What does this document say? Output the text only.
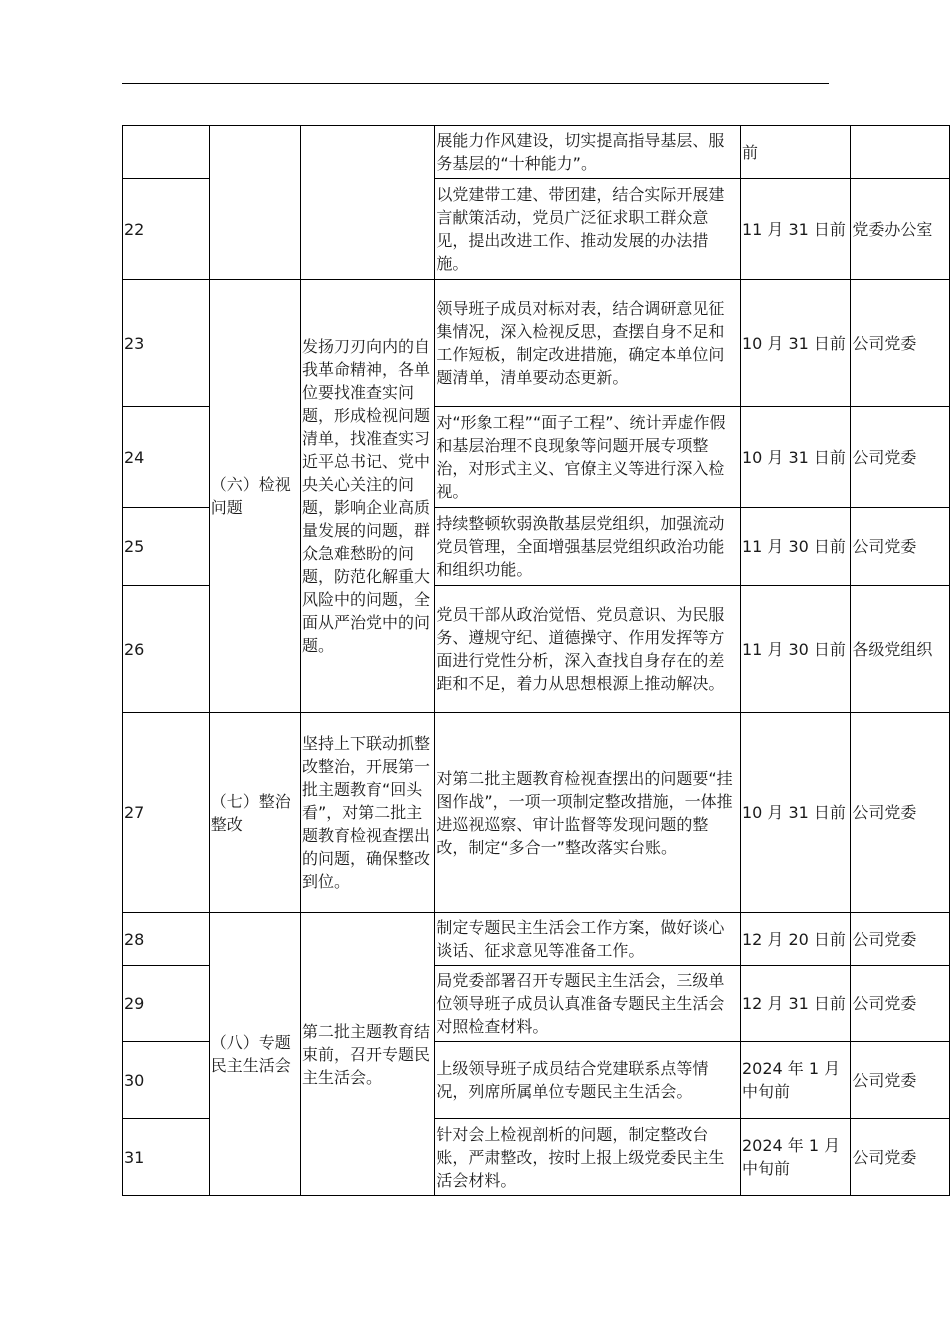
			展能力作风建设，切实提高指导基层、服务基层的“十种能力”。	前	
22			以党建带工建、带团建，结合实际开展建言献策活动，党员广泛征求职工群众意见，提出改进工作、推动发展的办法措施。	11 月 31 日前	党委办公室
23	（六）检视问题	发扬刀刃向内的自我革命精神，各单位要找准查实问题，形成检视问题清单，找准查实习近平总书记、党中央关心关注的问题，影响企业高质量发展的问题，群众急难愁盼的问题，防范化解重大风险中的问题，全面从严治党中的问题。	领导班子成员对标对表，结合调研意见征集情况，深入检视反思，查摆自身不足和工作短板，制定改进措施，确定本单位问题清单，清单要动态更新。	10 月 31 日前	公司党委
24			对“形象工程”“面子工程”、统计弄虚作假和基层治理不良现象等问题开展专项整治，对形式主义、官僚主义等进行深入检视。	10 月 31 日前	公司党委
25			持续整顿软弱涣散基层党组织，加强流动党员管理，全面增强基层党组织政治功能和组织功能。	11 月 30 日前	公司党委
26			党员干部从政治觉悟、党员意识、为民服务、遵规守纪、道德操守、作用发挥等方面进行党性分析，深入查找自身存在的差距和不足，着力从思想根源上推动解决。	11 月 30 日前	各级党组织
27	（七）整治整改	坚持上下联动抓整改整治，开展第一批主题教育“回头看”，对第二批主题教育检视查摆出的问题，确保整改到位。	对第二批主题教育检视查摆出的问题要“挂图作战”，一项一项制定整改措施，一体推进巡视巡察、审计监督等发现问题的整改，制定“多合一”整改落实台账。	10 月 31 日前	公司党委
28	（八）专题民主生活会	第二批主题教育结束前，召开专题民主生活会。	制定专题民主生活会工作方案，做好谈心谈话、征求意见等准备工作。	12 月 20 日前	公司党委
29			局党委部署召开专题民主生活会，三级单位领导班子成员认真准备专题民主生活会对照检查材料。	12 月 31 日前	公司党委
30			上级领导班子成员结合党建联系点等情况，列席所属单位专题民主生活会。	2024 年 1 月中旬前	公司党委
31			针对会上检视剖析的问题，制定整改台账，严肃整改，按时上报上级党委民主生活会材料。	2024 年 1 月中旬前	公司党委
